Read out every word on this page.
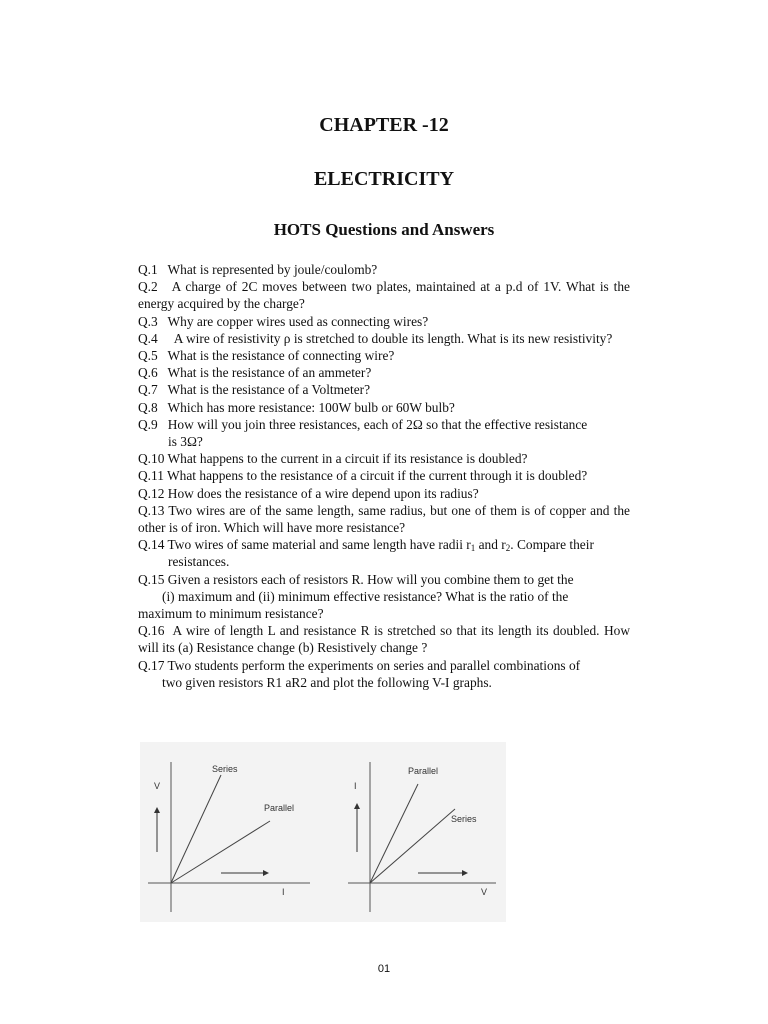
CHAPTER -12
ELECTRICITY
HOTS Questions and Answers

Q.1 What is represented by joule/coulomb?

Q.2 A charge of 2C moves between two plates, maintained at a p.d of 1V. What is the energy acquired by the charge?

Q.3 Why are copper wires used as connecting wires?

Q.4 A wire of resistivity ρ is stretched to double its length. What is its new resistivity?

Q.5 What is the resistance of connecting wire?

Q.6 What is the resistance of an ammeter?

Q.7 What is the resistance of a Voltmeter?

Q.8 Which has more resistance: 100W bulb or 60W bulb?

Q.9 How will you join three resistances, each of 2Ω so that the effective resistance
is 3Ω?

Q.10 What happens to the current in a circuit if its resistance is doubled?

Q.11 What happens to the resistance of a circuit if the current through it is doubled?

Q.12 How does the resistance of a wire depend upon its radius?

Q.13 Two wires are of the same length, same radius, but one of them is of copper and the other is of iron. Which will have more resistance?

Q.14 Two wires of same material and same length have radii $r_1$ and $r_2$. Compare their
resistances.

Q.15 Given a resistors each of resistors R. How will you combine them to get the
(i) maximum and (ii) minimum effective resistance? What is the ratio of the
maximum to minimum resistance?

Q.16 A wire of length L and resistance R is stretched so that its length its doubled. How will its (a) Resistance change (b) Resistively change ?

Q.17 Two students perform the experiments on series and parallel combinations of
two given resistors R1 aR2 and plot the following V-I graphs.

V
I
Series
Parallel
I
V
Parallel
Series
01
